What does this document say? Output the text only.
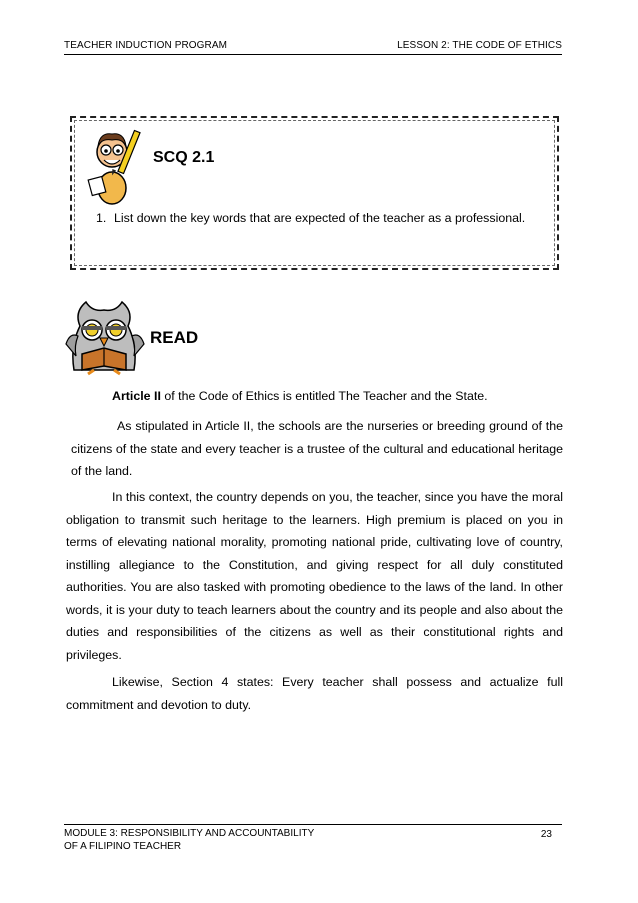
TEACHER INDUCTION PROGRAM	LESSON 2: THE CODE OF ETHICS
SCQ 2.1
1. List down the key words that are expected of the teacher as a professional.
READ
Article II of the Code of Ethics is entitled The Teacher and the State.
As stipulated in Article II, the schools are the nurseries or breeding ground of the citizens of the state and every teacher is a trustee of the cultural and educational heritage of the land.
In this context, the country depends on you, the teacher, since you have the moral obligation to transmit such heritage to the learners. High premium is placed on you in terms of elevating national morality, promoting national pride, cultivating love of country, instilling allegiance to the Constitution, and giving respect for all duly constituted authorities. You are also tasked with promoting obedience to the laws of the land. In other words, it is your duty to teach learners about the country and its people and also about the duties and responsibilities of the citizens as well as their constitutional rights and privileges.
Likewise, Section 4 states: Every teacher shall possess and actualize full commitment and devotion to duty.
MODULE 3: RESPONSIBILITY AND ACCOUNTABILITY
OF A FILIPINO TEACHER
23
